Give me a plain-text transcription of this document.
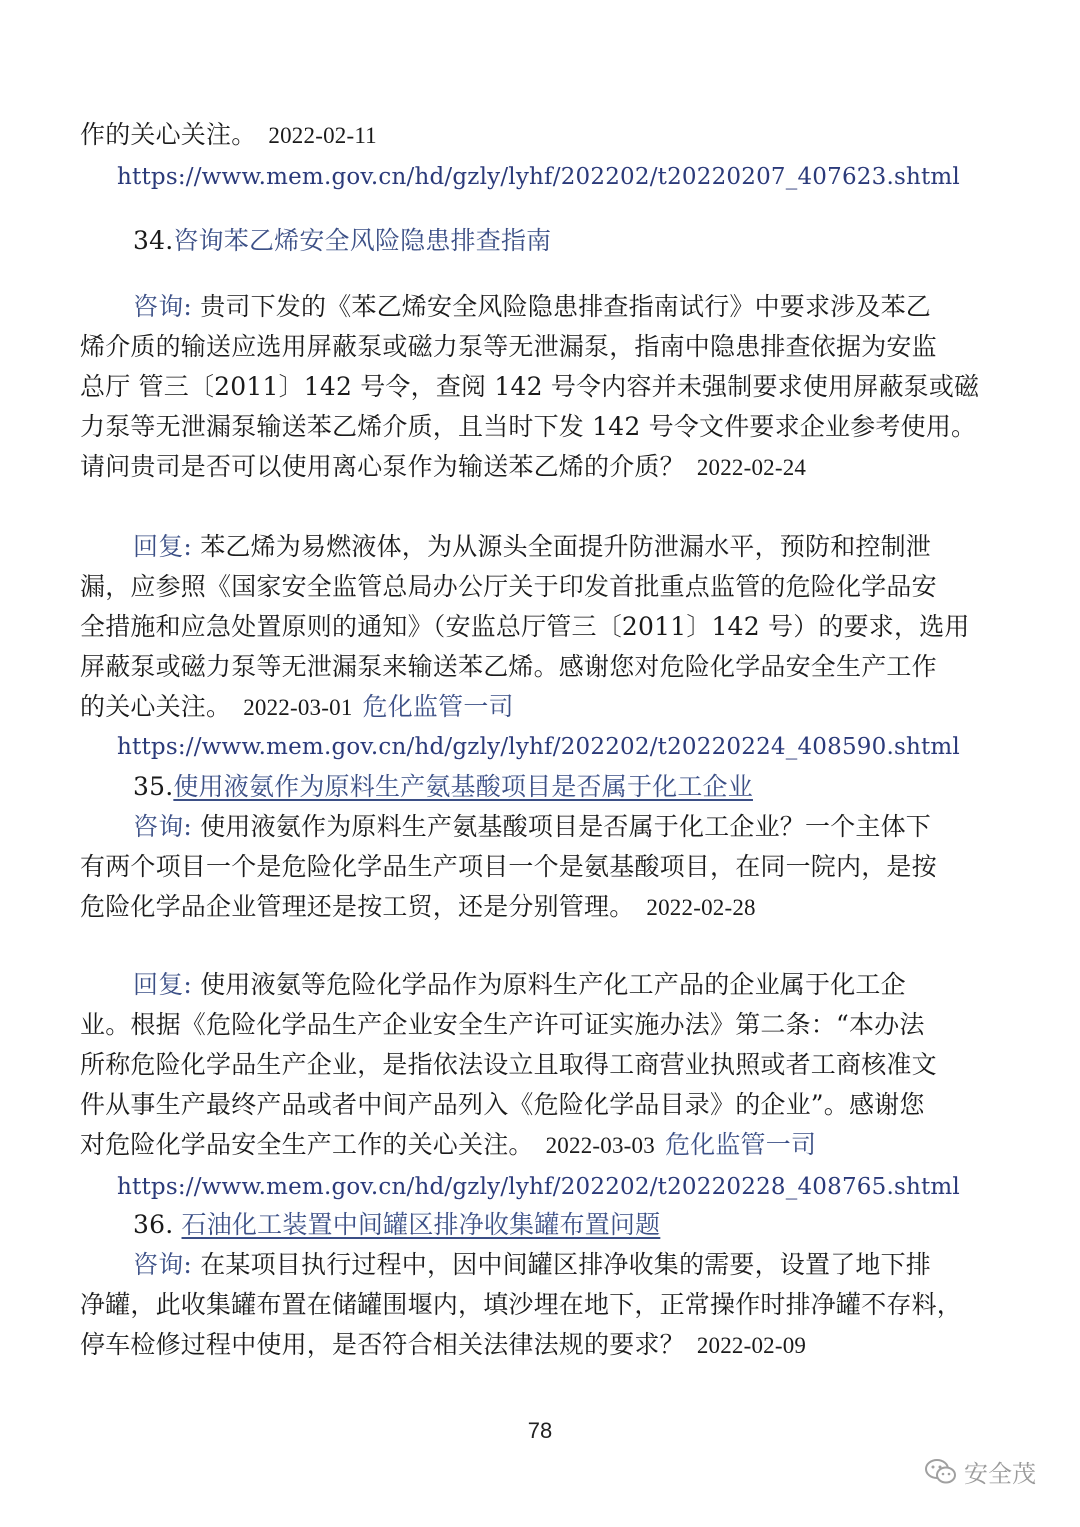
作的关心关注。 2022-02-11
https://www.mem.gov.cn/hd/gzly/lyhf/202202/t20220207_407623.shtml
34.咨询苯乙烯安全风险隐患排查指南
咨询: 贵司下发的《苯乙烯安全风险隐患排查指南试行》中要求涉及苯乙
烯介质的输送应选用屏蔽泵或磁力泵等无泄漏泵，指南中隐患排查依据为安监
总厅 管三〔2011〕142 号令，查阅 142 号令内容并未强制要求使用屏蔽泵或磁
力泵等无泄漏泵输送苯乙烯介质，且当时下发 142 号令文件要求企业参考使用。
请问贵司是否可以使用离心泵作为输送苯乙烯的介质？ 2022-02-24
回复: 苯乙烯为易燃液体，为从源头全面提升防泄漏水平，预防和控制泄
漏，应参照《国家安全监管总局办公厅关于印发首批重点监管的危险化学品安
全措施和应急处置原则的通知》（安监总厅管三〔2011〕142 号）的要求，选用
屏蔽泵或磁力泵等无泄漏泵来输送苯乙烯。感谢您对危险化学品安全生产工作
的关心关注。 2022-03-01 危化监管一司
https://www.mem.gov.cn/hd/gzly/lyhf/202202/t20220224_408590.shtml
35.使用液氨作为原料生产氨基酸项目是否属于化工企业
咨询: 使用液氨作为原料生产氨基酸项目是否属于化工企业？一个主体下
有两个项目一个是危险化学品生产项目一个是氨基酸项目，在同一院内，是按
危险化学品企业管理还是按工贸，还是分别管理。 2022-02-28
回复: 使用液氨等危险化学品作为原料生产化工产品的企业属于化工企
业。根据《危险化学品生产企业安全生产许可证实施办法》第二条：“本办法
所称危险化学品生产企业，是指依法设立且取得工商营业执照或者工商核准文
件从事生产最终产品或者中间产品列入《危险化学品目录》的企业”。感谢您
对危险化学品安全生产工作的关心关注。 2022-03-03 危化监管一司
https://www.mem.gov.cn/hd/gzly/lyhf/202202/t20220228_408765.shtml
36. 石油化工装置中间罐区排净收集罐布置问题
咨询: 在某项目执行过程中，因中间罐区排净收集的需要，设置了地下排
净罐，此收集罐布置在储罐围堰内，填沙埋在地下，正常操作时排净罐不存料，
停车检修过程中使用，是否符合相关法律法规的要求？ 2022-02-09
78
安全茂
